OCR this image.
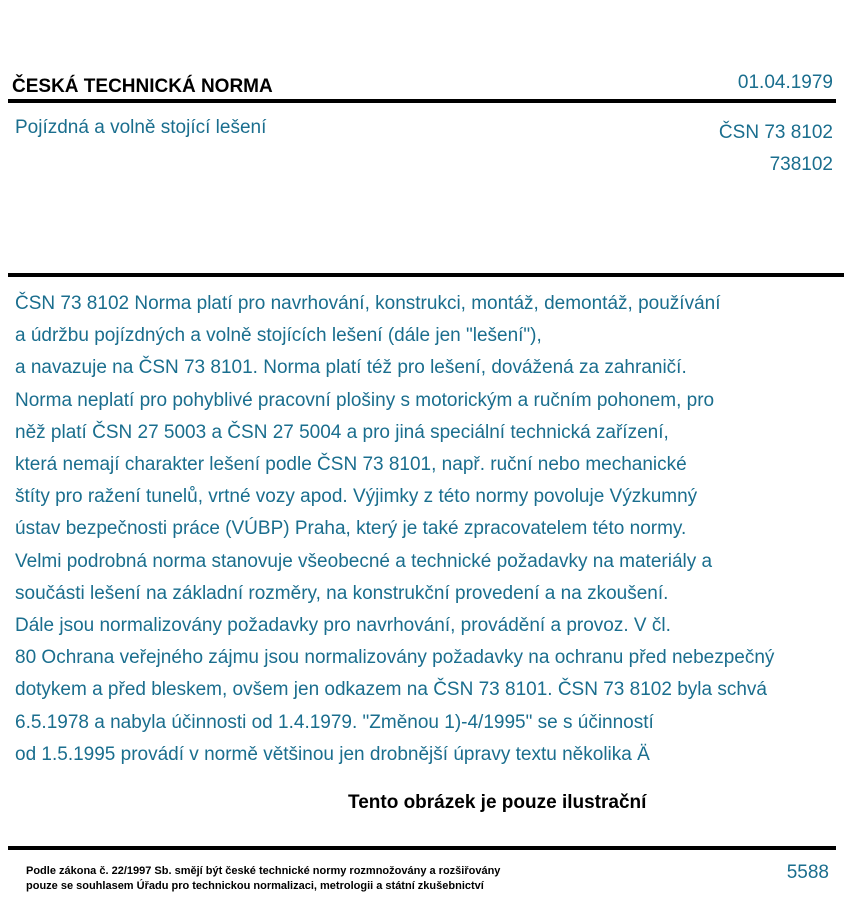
ČESKÁ TECHNICKÁ NORMA	01.04.1979
Pojízdná a volně stojící lešení	ČSN 73 8102
738102
ČSN 73 8102 Norma platí pro navrhování, konstrukci, montáž, demontáž, používání
a údržbu pojízdných a volně stojících lešení (dále jen "lešení"),
a navazuje na ČSN 73 8101. Norma platí též pro lešení, dovážená za zahraničí.
Norma neplatí pro pohyblivé pracovní plošiny s motorickým a ručním pohonem, pro
něž platí ČSN 27 5003 a ČSN 27 5004 a pro jiná speciální technická zařízení,
která nemají charakter lešení podle ČSN 73 8101, např. ruční nebo mechanické
štíty pro ražení tunelů, vrtné vozy apod. Výjimky z této normy povoluje Výzkumný
ústav bezpečnosti práce (VÚBP) Praha, který je také zpracovatelem této normy.
Velmi podrobná norma stanovuje všeobecné a technické požadavky na materiály a
součásti lešení na základní rozměry, na konstrukční provedení a na zkoušení.
Dále jsou normalizovány požadavky pro navrhování, provádění a provoz. V čl.
80 Ochrana veřejného zájmu jsou normalizovány požadavky na ochranu před nebezpečný
dotykem a před bleskem, ovšem jen odkazem na ČSN 73 8101. ČSN 73 8102 byla schvá
6.5.1978 a nabyla účinnosti od 1.4.1979. "Změnou 1)-4/1995" se s účinností
od 1.5.1995 provádí v normě většinou jen drobnější úpravy textu několika Ä
Tento obrázek je pouze ilustrační
Podle zákona č. 22/1997 Sb. smějí být české technické normy rozmnožovány a rozšiřovány
pouze se souhlasem Úřadu pro technickou normalizaci, metrologii a státní zkušebnictví
5588
